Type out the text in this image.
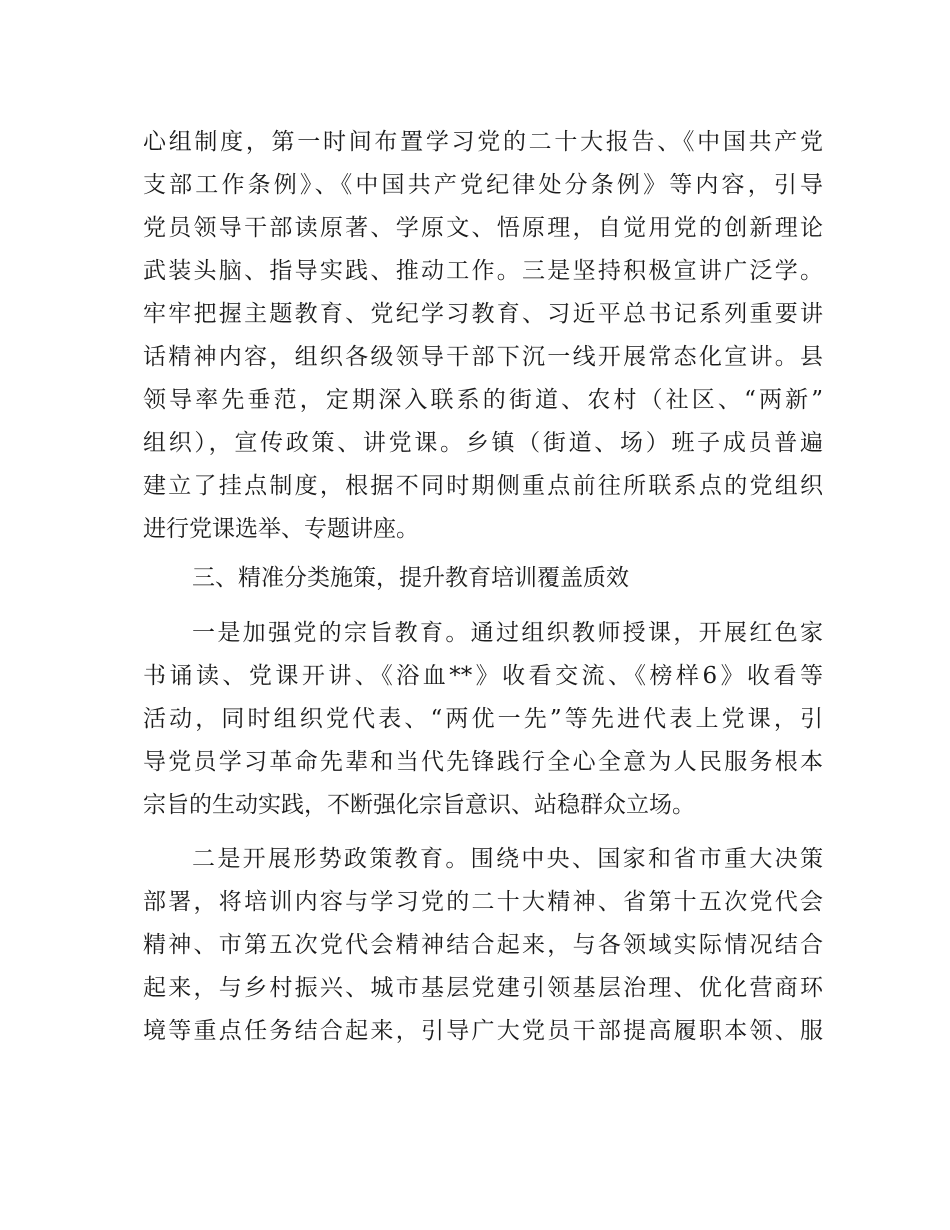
心组制度，第一时间布置学习党的二十大报告、《中国共产党
支部工作条例》、《中国共产党纪律处分条例》等内容，引导
党员领导干部读原著、学原文、悟原理，自觉用党的创新理论
武装头脑、指导实践、推动工作。三是坚持积极宣讲广泛学。
牢牢把握主题教育、党纪学习教育、习近平总书记系列重要讲
话精神内容，组织各级领导干部下沉一线开展常态化宣讲。县
领导率先垂范，定期深入联系的街道、农村（社区、“两新”
组织），宣传政策、讲党课。乡镇（街道、场）班子成员普遍
建立了挂点制度，根据不同时期侧重点前往所联系点的党组织
进行党课选举、专题讲座。
三、精准分类施策，提升教育培训覆盖质效
一是加强党的宗旨教育。通过组织教师授课，开展红色家
书诵读、党课开讲、《浴血**》收看交流、《榜样6》收看等
活动，同时组织党代表、“两优一先”等先进代表上党课，引
导党员学习革命先辈和当代先锋践行全心全意为人民服务根本
宗旨的生动实践，不断强化宗旨意识、站稳群众立场。
二是开展形势政策教育。围绕中央、国家和省市重大决策
部署，将培训内容与学习党的二十大精神、省第十五次党代会
精神、市第五次党代会精神结合起来，与各领域实际情况结合
起来，与乡村振兴、城市基层党建引领基层治理、优化营商环
境等重点任务结合起来，引导广大党员干部提高履职本领、服
